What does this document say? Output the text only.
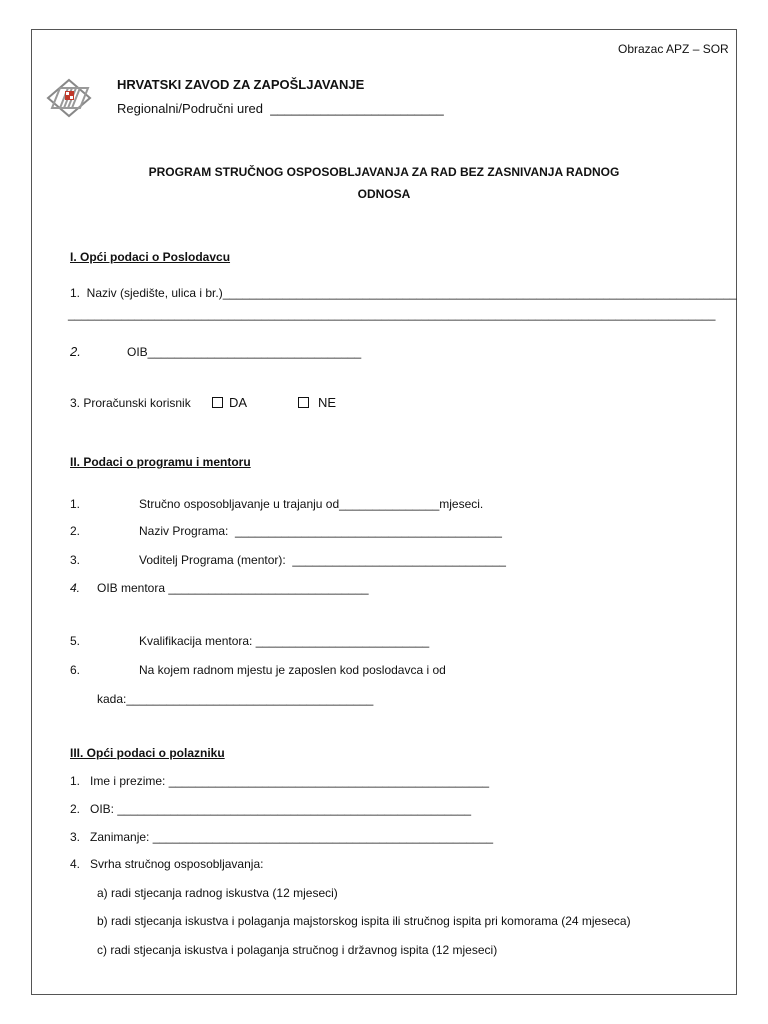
Obrazac APZ – SOR
HRVATSKI ZAVOD ZA ZAPOŠLJAVANJE
Regionalni/Područni ured  ________________________
PROGRAM STRUČNOG OSPOSOBLJAVANJA ZA RAD BEZ ZASNIVANJA RADNOG
ODNOSA
I. Opći podaci o Poslodavcu
1.  Naziv (sjedište, ulica i br.)_____________________________________________________________________________
_________________________________________________________________________________________________
2.	OIB________________________________
3. Proračunski korisnik	DA	NE
II. Podaci o programu i mentoru
1.	Stručno osposobljavanje u trajanju od_______________mjeseci.
2.	Naziv Programa:  ________________________________________
3.	Voditelj Programa (mentor):  ________________________________
4. OIB mentora ______________________________
5.	Kvalifikacija mentora: __________________________
6.	Na kojem radnom mjestu je zaposlen kod poslodavca i od
kada:_____________________________________
III. Opći podaci o polazniku
1.   Ime i prezime: ________________________________________________
2.   OIB: _____________________________________________________
3.   Zanimanje: ___________________________________________________
4.   Svrha stručnog osposobljavanja:
a) radi stjecanja radnog iskustva (12 mjeseci)
b) radi stjecanja iskustva i polaganja majstorskog ispita ili stručnog ispita pri komorama (24 mjeseca)
c) radi stjecanja iskustva i polaganja stručnog i državnog ispita (12 mjeseci)
